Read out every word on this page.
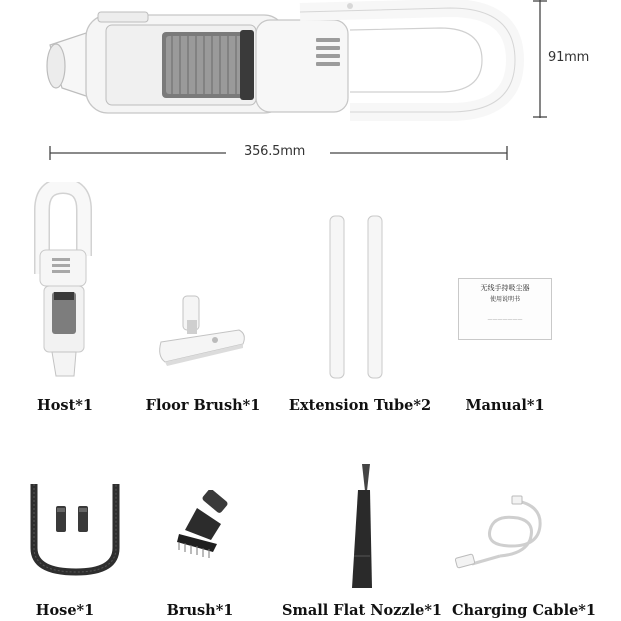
91mm
356.5mm
无线手持吸尘器
使用说明书
———————
Host*1	Floor Brush*1	Extension Tube*2	Manual*1
Hose*1	Brush*1	Small Flat Nozzle*1 Charging Cable*1
